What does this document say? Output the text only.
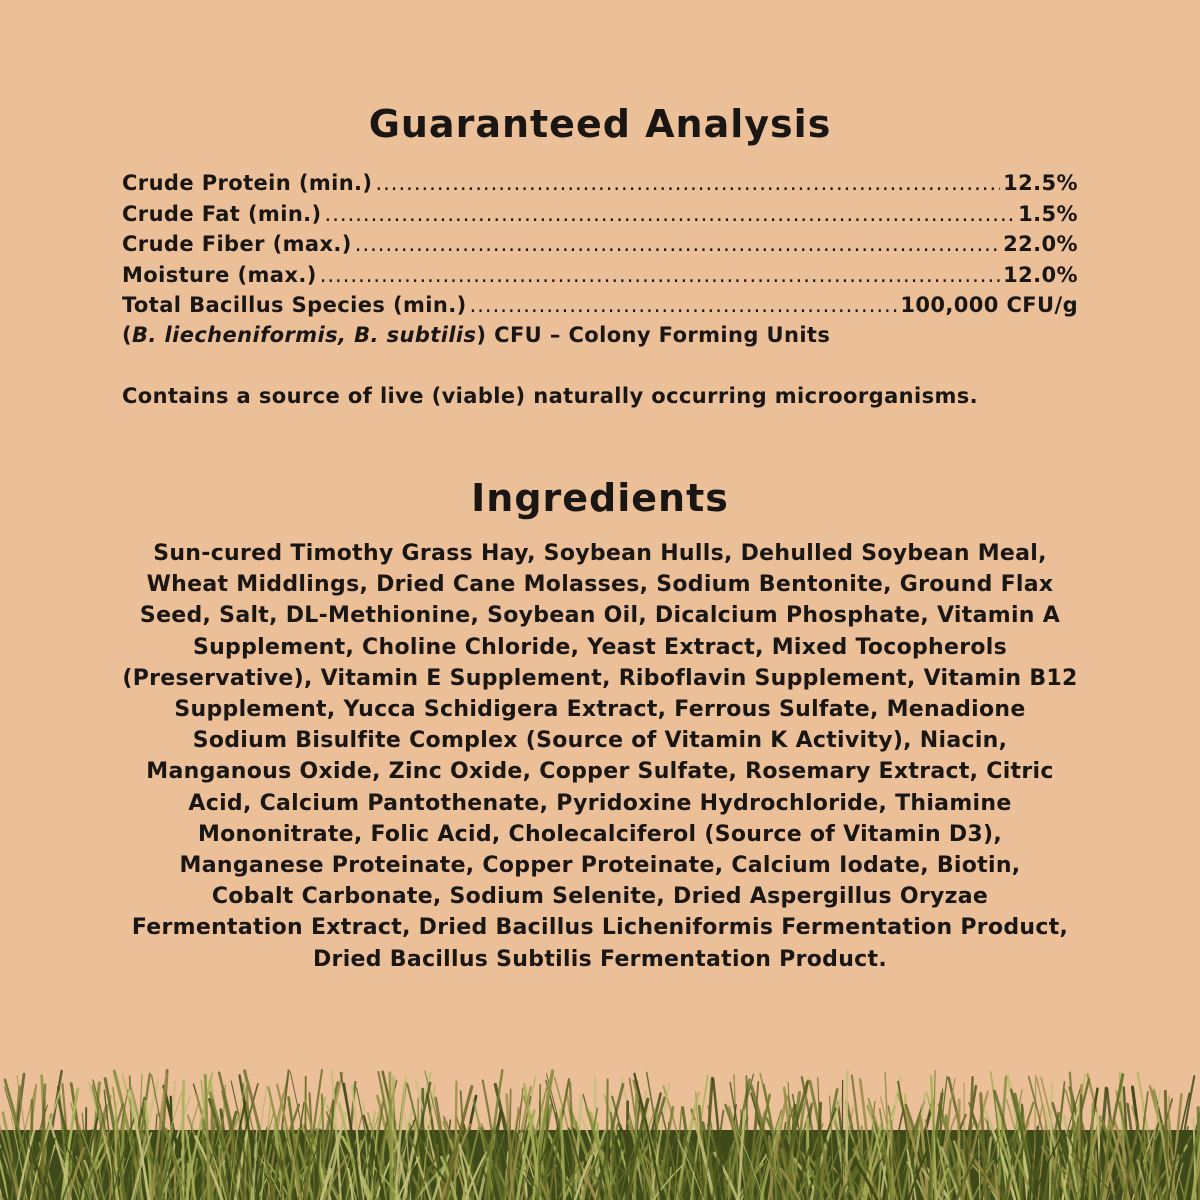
Guaranteed Analysis
Crude Protein (min.) .....	12.5%
Crude Fat (min.) .....	1.5%
Crude Fiber (max.) .....	22.0%
Moisture (max.) .....	12.0%
Total Bacillus Species (min.) .....	100,000 CFU/g

(B. liecheniformis, B. subtilis) CFU – Colony Forming Units

Contains a source of live (viable) naturally occurring microorganisms.

Ingredients

Sun-cured Timothy Grass Hay, Soybean Hulls, Dehulled Soybean Meal,
Wheat Middlings, Dried Cane Molasses, Sodium Bentonite, Ground Flax
Seed, Salt, DL-Methionine, Soybean Oil, Dicalcium Phosphate, Vitamin A
Supplement, Choline Chloride, Yeast Extract, Mixed Tocopherols
(Preservative), Vitamin E Supplement, Riboflavin Supplement, Vitamin B12
Supplement, Yucca Schidigera Extract, Ferrous Sulfate, Menadione
Sodium Bisulfite Complex (Source of Vitamin K Activity), Niacin,
Manganous Oxide, Zinc Oxide, Copper Sulfate, Rosemary Extract, Citric
Acid, Calcium Pantothenate, Pyridoxine Hydrochloride, Thiamine
Mononitrate, Folic Acid, Cholecalciferol (Source of Vitamin D3),
Manganese Proteinate, Copper Proteinate, Calcium Iodate, Biotin,
Cobalt Carbonate, Sodium Selenite, Dried Aspergillus Oryzae
Fermentation Extract, Dried Bacillus Licheniformis Fermentation Product,
Dried Bacillus Subtilis Fermentation Product.
